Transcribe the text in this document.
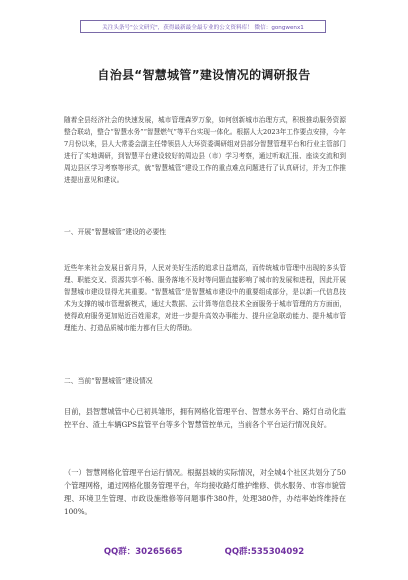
关注头条号"公文研究"，获得最新最全最专业的公文资料库！ 微信：gongwenx1
自治县“智慧城管”建设情况的调研报告

随着全县经济社会的快速发展，城市管理森罗万象，如何创新城市治理方式，积极推动服务资源整合联动，整合“智慧水务”“智慧燃气”等平台实现一体化。根据人大2023年工作要点安排，今年7月份以来，县人大常委会副主任带领县人大环资委调研组对县部分智慧管理平台和行业主管部门进行了实地调研，到智慧平台建设较好的周边县（市）学习考察，通过听取汇报、座谈交流和到周边县区学习考察等形式，就“智慧城管”建设工作的重点难点问题进行了认真研讨，并为工作推进提出意见和建议。

一、开展“智慧城管”建设的必要性

近些年来社会发展日新月异，人民对美好生活的追求日益增高，而传统城市管理中出现的多头管理、职能交叉、资源共享不畅、服务落地不及时等问题直接影响了城市的发展和进程，因此开展智慧城市建设显得尤其重要。“智慧城管”是智慧城市建设中的重要组成部分，是以新一代信息技术为支撑的城市管理新模式，通过大数据、云计算等信息技术全面服务于城市管理的方方面面，使得政府服务更加贴近百姓需求，对进一步提升高效办事能力、提升应急联动能力、提升城市管理能力、打造品质城市能力都有巨大的帮助。

二、当前“智慧城管”建设情况

目前，县智慧城管中心已初具雏形，拥有网格化管理平台、智慧水务平台、路灯自动化监控平台、渣土车辆GPS监管平台等多个智慧管控单元，当前各个平台运行情况良好。

（一）智慧网格化管理平台运行情况。根据县城的实际情况，对全城4个社区共划分了50个管理网格，通过网格化服务管理平台，年均接收路灯维护维修、供水服务、市容市貌管理、环境卫生管理、市政设施维修等问题事件380件，处理380件，办结率始终维持在100%。

QQ群：30265665	QQ群:535304092
